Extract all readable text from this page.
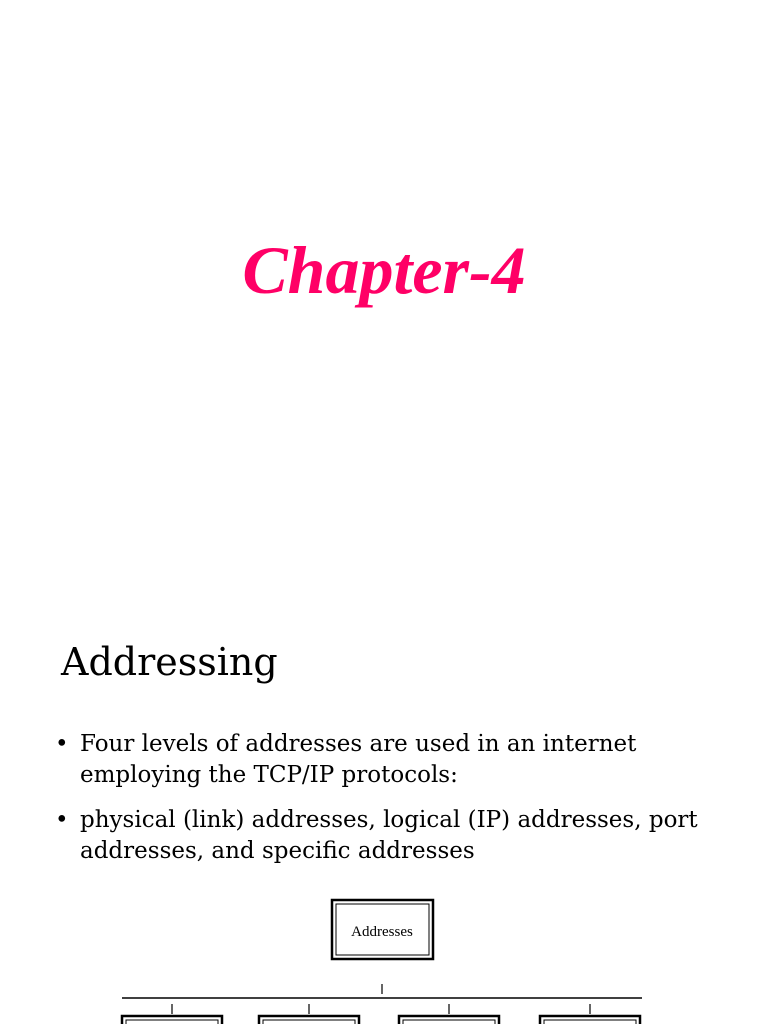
Chapter-4
Addressing
• Four levels of addresses are used in an internet employing the TCP/IP protocols:
• physical (link) addresses, logical (IP) addresses, port addresses, and specific addresses
Addresses
